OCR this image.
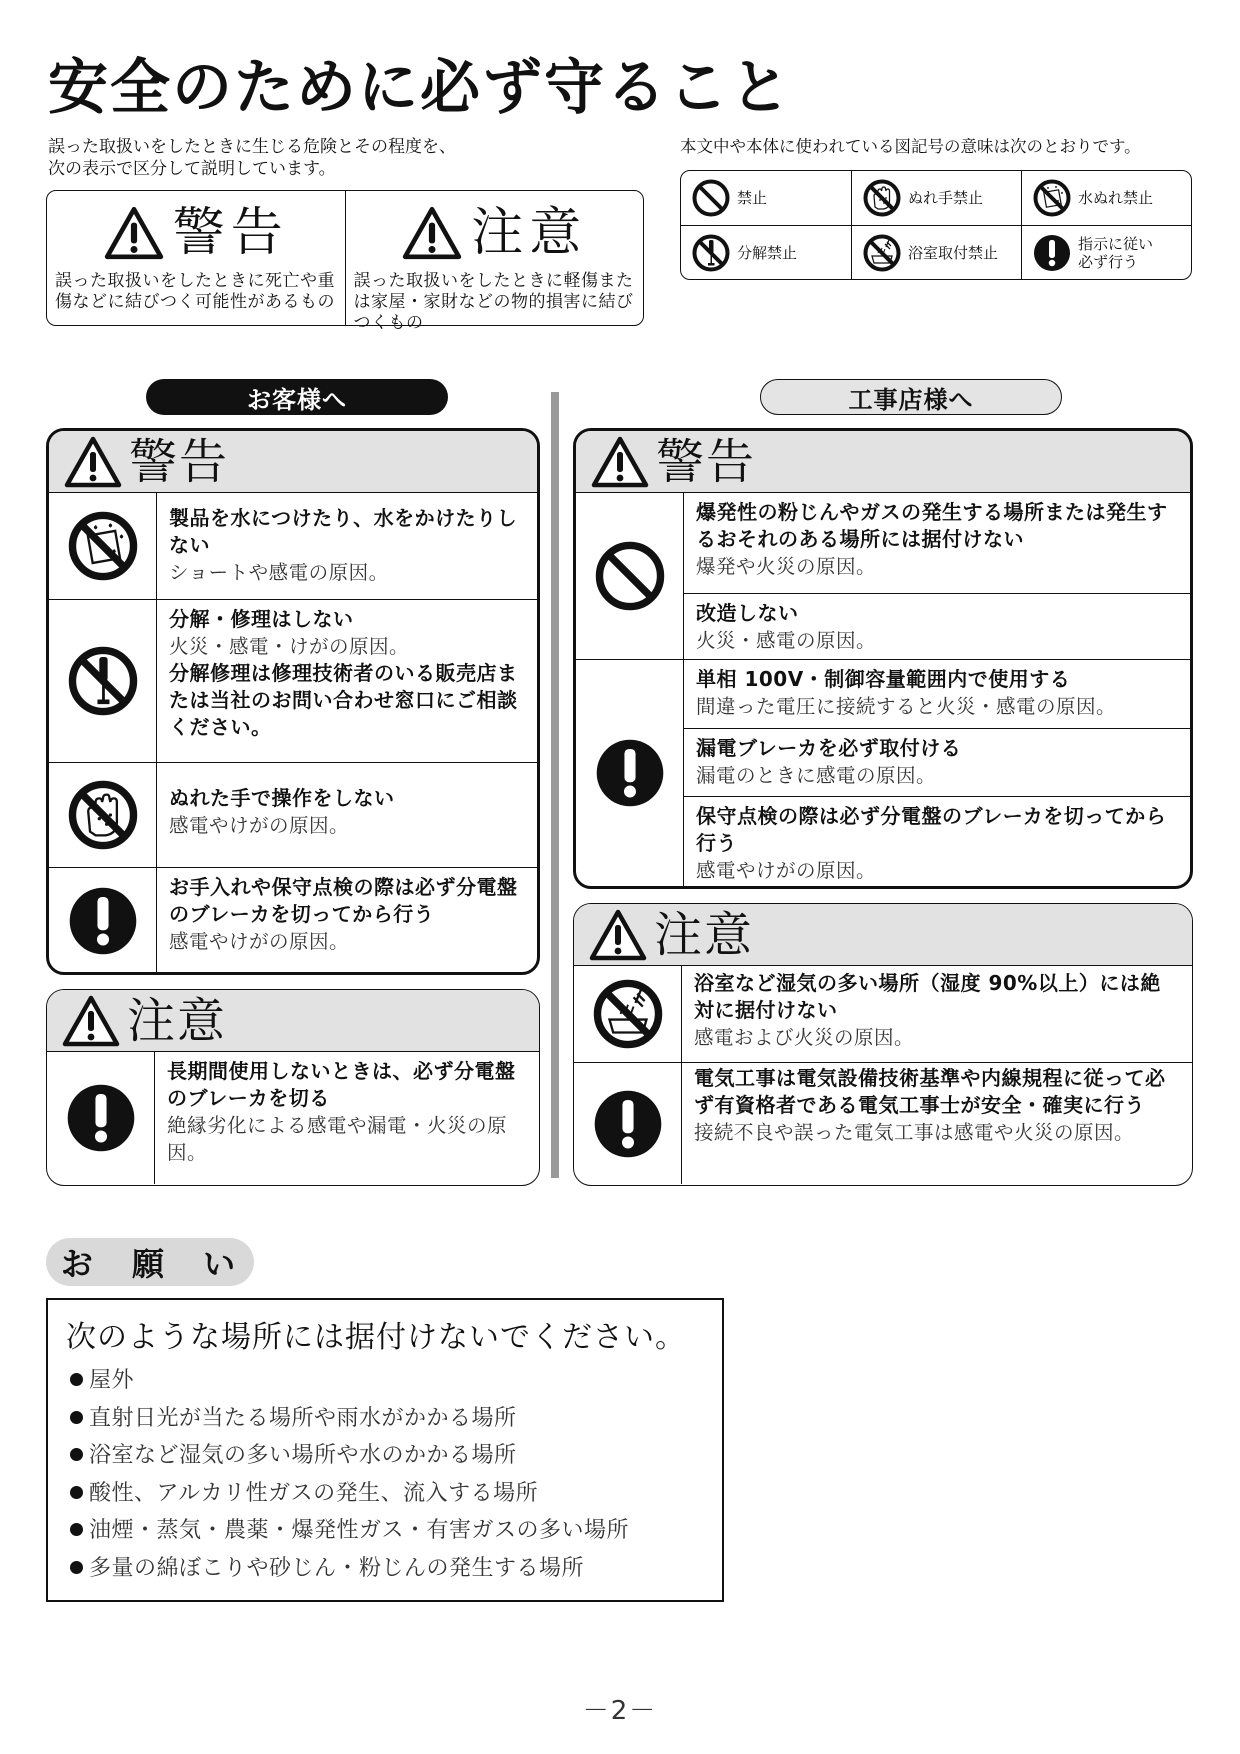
安全のために必ず守ること
誤った取扱いをしたときに生じる危険とその程度を、
次の表示で区分して説明しています。
本文中や本体に使われている図記号の意味は次のとおりです。
警告
誤った取扱いをしたときに死亡や重傷などに結びつく可能性があるもの
注意
誤った取扱いをしたときに軽傷または家屋・家財などの物的損害に結びつくもの
禁止	ぬれ手禁止	水ぬれ禁止
分解禁止	浴室取付禁止	指示に従い
必ず行う
お客様へ	工事店様へ
警告
製品を水につけたり、水をかけたりしない
ショートや感電の原因。
分解・修理はしない
火災・感電・けがの原因。
分解修理は修理技術者のいる販売店または当社のお問い合わせ窓口にご相談ください。
ぬれた手で操作をしない
感電やけがの原因。
お手入れや保守点検の際は必ず分電盤のブレーカを切ってから行う
感電やけがの原因。
注意
長期間使用しないときは、必ず分電盤のブレーカを切る
絶縁劣化による感電や漏電・火災の原因。
警告
爆発性の粉じんやガスの発生する場所または発生するおそれのある場所には据付けない
爆発や火災の原因。
改造しない
火災・感電の原因。
単相 100V・制御容量範囲内で使用する
間違った電圧に接続すると火災・感電の原因。
漏電ブレーカを必ず取付ける
漏電のときに感電の原因。
保守点検の際は必ず分電盤のブレーカを切ってから行う
感電やけがの原因。
注意
浴室など湿気の多い場所（湿度 90%以上）には絶対に据付けない
感電および火災の原因。
電気工事は電気設備技術基準や内線規程に従って必ず有資格者である電気工事士が安全・確実に行う
接続不良や誤った電気工事は感電や火災の原因。
お 願 い
次のような場所には据付けないでください。
屋外
直射日光が当たる場所や雨水がかかる場所
浴室など湿気の多い場所や水のかかる場所
酸性、アルカリ性ガスの発生、流入する場所
油煙・蒸気・農薬・爆発性ガス・有害ガスの多い場所
多量の綿ぼこりや砂じん・粉じんの発生する場所
－2－
